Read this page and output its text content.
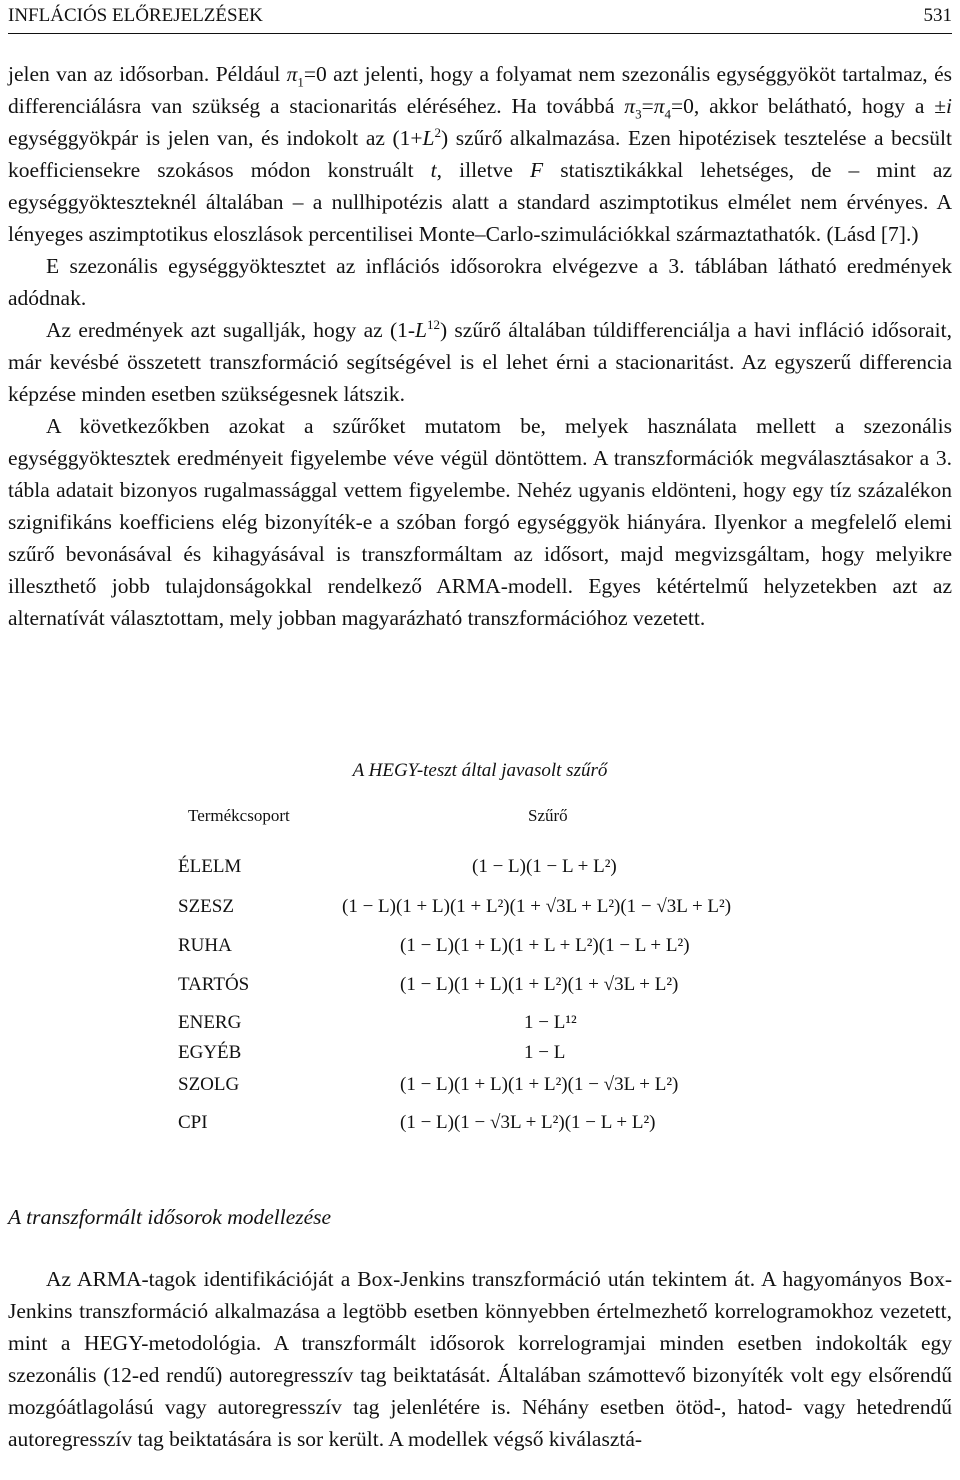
INFLÁCIÓS ELŐREJELZÉSEK	531

jelen van az idősorban. Például $\pi_1=0$ azt jelenti, hogy a folyamat nem szezonális egységgyököt tartalmaz, és differenciálásra van szükség a stacionaritás eléréséhez. Ha továbbá $\pi_3=\pi_4=0$, akkor belátható, hogy a ±i egységgyökpár is jelen van, és indokolt az $(1+L^2)$ szűrő alkalmazása. Ezen hipotézisek tesztelése a becsült koefficiensekre szokásos módon konstruált t, illetve F statisztikákkal lehetséges, de – mint az egységgyökteszteknél általában – a nullhipotézis alatt a standard aszimptotikus elmélet nem érvényes. A lényeges aszimptotikus eloszlások percentilisei Monte–Carlo-szimulációkkal származtathatók. (Lásd [7].)

E szezonális egységgyöktesztet az inflációs idősorokra elvégezve a 3. táblában látható eredmények adódnak.

Az eredmények azt sugallják, hogy az $(1-L^{12})$ szűrő általában túldifferenciálja a havi infláció idősorait, már kevésbé összetett transzformáció segítségével is el lehet érni a stacionaritást. Az egyszerű differencia képzése minden esetben szükségesnek látszik.

A következőkben azokat a szűrőket mutatom be, melyek használata mellett a szezonális egységgyöktesztek eredményeit figyelembe véve végül döntöttem. A transzformációk megválasztásakor a 3. tábla adatait bizonyos rugalmassággal vettem figyelembe. Nehéz ugyanis eldönteni, hogy egy tíz százalékon szignifikáns koefficiens elég bizonyíték-e a szóban forgó egységgyök hiányára. Ilyenkor a megfelelő elemi szűrő bevonásával és kihagyásával is transzformáltam az idősort, majd megvizsgáltam, hogy melyikre illeszthető jobb tulajdonságokkal rendelkező ARMA-modell. Egyes kétértelmű helyzetekben azt az alternatívát választottam, mely jobban magyarázható transzformációhoz vezetett.

A HEGY-teszt által javasolt szűrő
Termékcsoport	Szűrő
ÉLELM	(1 − L)(1 − L + L²)
SZESZ	(1 − L)(1 + L)(1 + L²)(1 + √3L + L²)(1 − √3L + L²)
RUHA	(1 − L)(1 + L)(1 + L + L²)(1 − L + L²)
TARTÓS	(1 − L)(1 + L)(1 + L²)(1 + √3L + L²)
ENERG	1 − L¹²
EGYÉB	1 − L
SZOLG	(1 − L)(1 + L)(1 + L²)(1 − √3L + L²)
CPI	(1 − L)(1 − √3L + L²)(1 − L + L²)
A transzformált idősorok modellezése

Az ARMA-tagok identifikációját a Box-Jenkins transzformáció után tekintem át. A hagyományos Box-Jenkins transzformáció alkalmazása a legtöbb esetben könnyebben értelmezhető korrelogramokhoz vezetett, mint a HEGY-metodológia. A transzformált idősorok korrelogramjai minden esetben indokolták egy szezonális (12-ed rendű) autoregresszív tag beiktatását. Általában számottevő bizonyíték volt egy elsőrendű mozgóátlagolású vagy autoregresszív tag jelenlétére is. Néhány esetben ötöd-, hatod- vagy hetedrendű autoregresszív tag beiktatására is sor került. A modellek végső kiválasztá-
